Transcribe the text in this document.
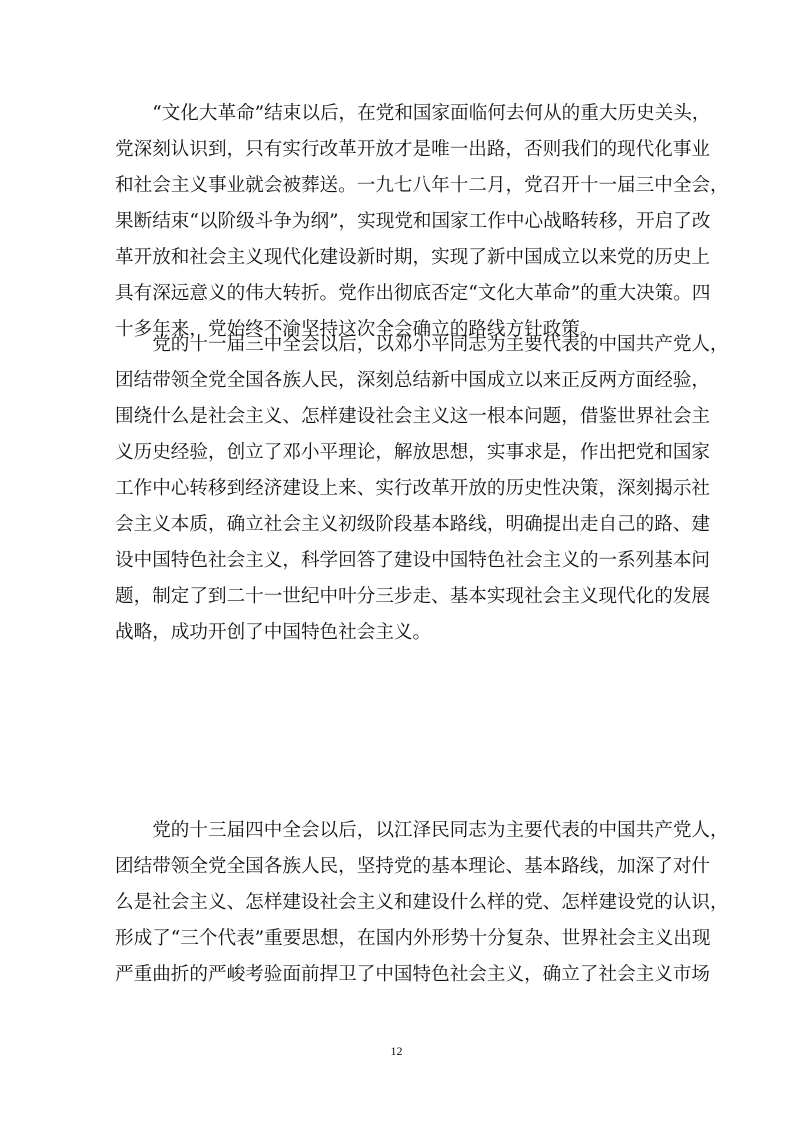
　　“文化大革命”结束以后，在党和国家面临何去何从的重大历史关头，
党深刻认识到，只有实行改革开放才是唯一出路，否则我们的现代化事业
和社会主义事业就会被葬送。一九七八年十二月，党召开十一届三中全会，
果断结束“以阶级斗争为纲”，实现党和国家工作中心战略转移，开启了改
革开放和社会主义现代化建设新时期，实现了新中国成立以来党的历史上
具有深远意义的伟大转折。党作出彻底否定“文化大革命”的重大决策。四
十多年来，党始终不渝坚持这次全会确立的路线方针政策。
　　党的十一届三中全会以后，以邓小平同志为主要代表的中国共产党人，
团结带领全党全国各族人民，深刻总结新中国成立以来正反两方面经验，
围绕什么是社会主义、怎样建设社会主义这一根本问题，借鉴世界社会主
义历史经验，创立了邓小平理论，解放思想，实事求是，作出把党和国家
工作中心转移到经济建设上来、实行改革开放的历史性决策，深刻揭示社
会主义本质，确立社会主义初级阶段基本路线，明确提出走自己的路、建
设中国特色社会主义，科学回答了建设中国特色社会主义的一系列基本问
题，制定了到二十一世纪中叶分三步走、基本实现社会主义现代化的发展
战略，成功开创了中国特色社会主义。
　　党的十三届四中全会以后，以江泽民同志为主要代表的中国共产党人，
团结带领全党全国各族人民，坚持党的基本理论、基本路线，加深了对什
么是社会主义、怎样建设社会主义和建设什么样的党、怎样建设党的认识，
形成了“三个代表”重要思想，在国内外形势十分复杂、世界社会主义出现
严重曲折的严峻考验面前捍卫了中国特色社会主义，确立了社会主义市场
12
